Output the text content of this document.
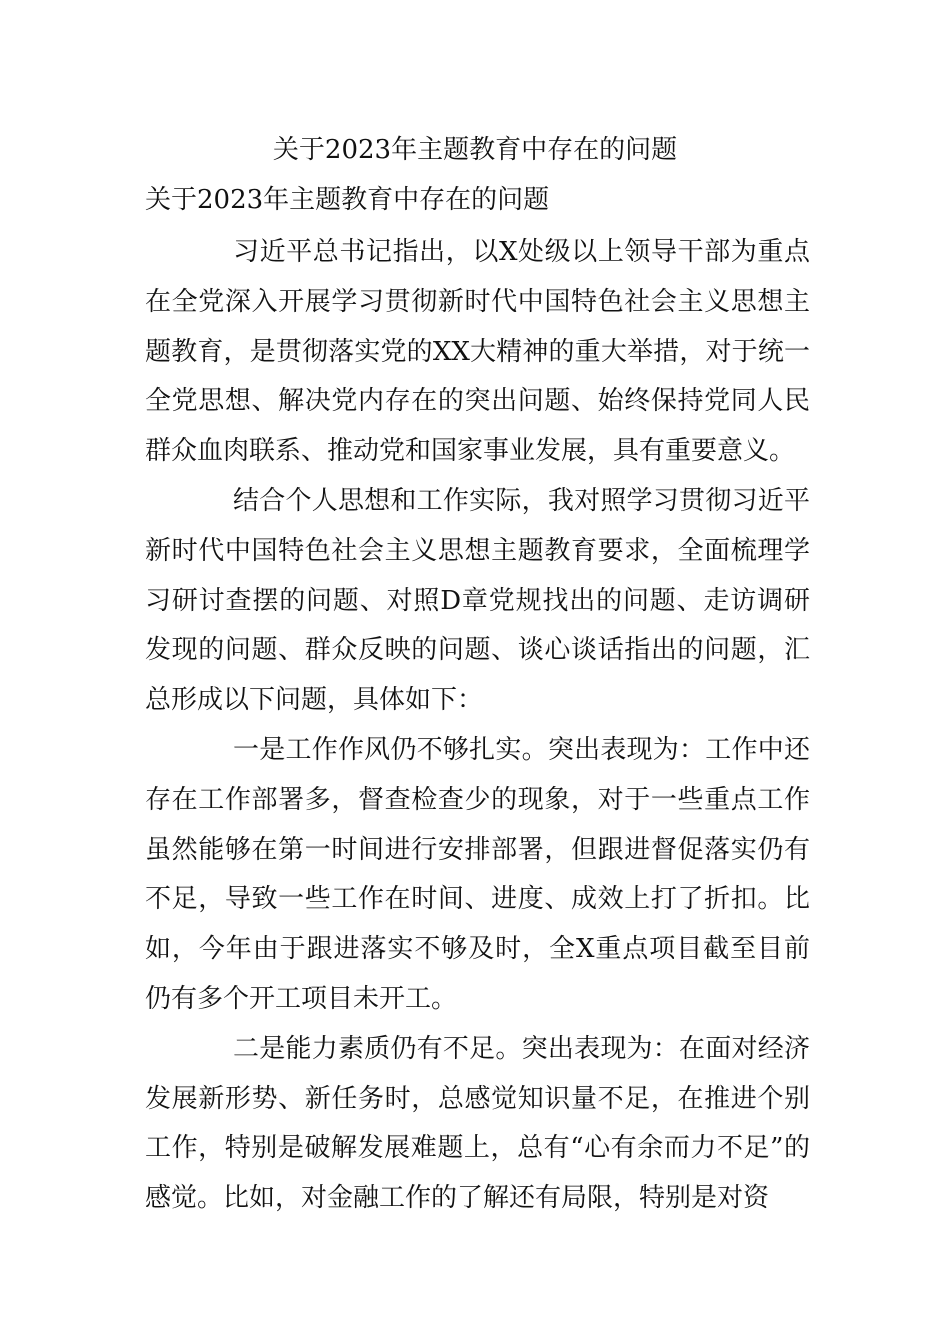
关于2023年主题教育中存在的问题
关于2023年主题教育中存在的问题

习近平总书记指出，以X处级以上领导干部为重点在全党深入开展学习贯彻新时代中国特色社会主义思想主题教育，是贯彻落实党的XX大精神的重大举措，对于统一全党思想、解决党内存在的突出问题、始终保持党同人民群众血肉联系、推动党和国家事业发展，具有重要意义。

结合个人思想和工作实际，我对照学习贯彻习近平新时代中国特色社会主义思想主题教育要求，全面梳理学习研讨查摆的问题、对照D章党规找出的问题、走访调研发现的问题、群众反映的问题、谈心谈话指出的问题，汇总形成以下问题，具体如下：

一是工作作风仍不够扎实。突出表现为：工作中还存在工作部署多，督查检查少的现象，对于一些重点工作虽然能够在第一时间进行安排部署，但跟进督促落实仍有不足，导致一些工作在时间、进度、成效上打了折扣。比如，今年由于跟进落实不够及时，全X重点项目截至目前仍有多个开工项目未开工。

二是能力素质仍有不足。突出表现为：在面对经济发展新形势、新任务时，总感觉知识量不足，在推进个别工作，特别是破解发展难题上，总有“心有余而力不足”的感觉。比如，对金融工作的了解还有局限，特别是对资
